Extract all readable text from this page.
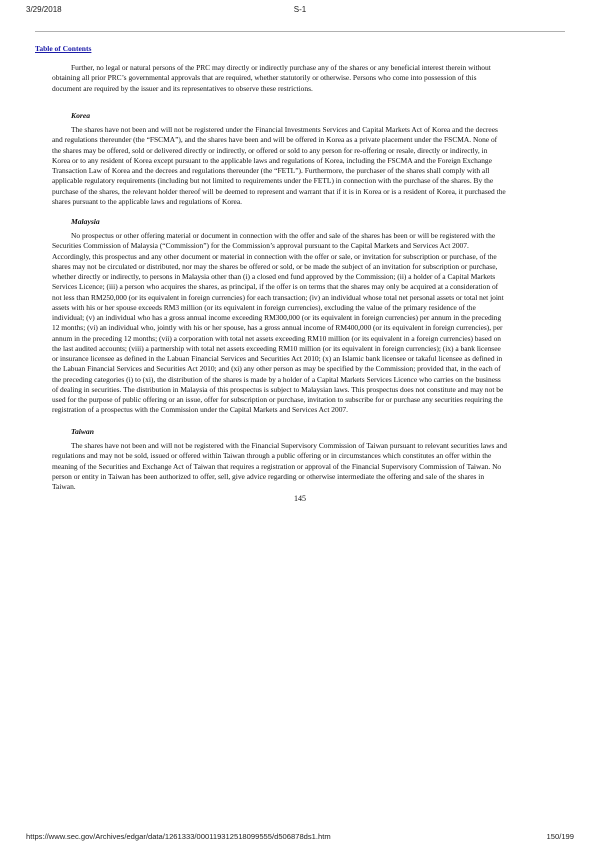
3/29/2018	S-1
Table of Contents
Further, no legal or natural persons of the PRC may directly or indirectly purchase any of the shares or any beneficial interest therein without
obtaining all prior PRC’s governmental approvals that are required, whether statutorily or otherwise. Persons who come into possession of this
document are required by the issuer and its representatives to observe these restrictions.
Korea
The shares have not been and will not be registered under the Financial Investments Services and Capital Markets Act of Korea and the decrees
and regulations thereunder (the “FSCMA”), and the shares have been and will be offered in Korea as a private placement under the FSCMA. None of
the shares may be offered, sold or delivered directly or indirectly, or offered or sold to any person for re-offering or resale, directly or indirectly, in
Korea or to any resident of Korea except pursuant to the applicable laws and regulations of Korea, including the FSCMA and the Foreign Exchange
Transaction Law of Korea and the decrees and regulations thereunder (the “FETL”). Furthermore, the purchaser of the shares shall comply with all
applicable regulatory requirements (including but not limited to requirements under the FETL) in connection with the purchase of the shares. By the
purchase of the shares, the relevant holder thereof will be deemed to represent and warrant that if it is in Korea or is a resident of Korea, it purchased the
shares pursuant to the applicable laws and regulations of Korea.
Malaysia
No prospectus or other offering material or document in connection with the offer and sale of the shares has been or will be registered with the
Securities Commission of Malaysia (“Commission”) for the Commission’s approval pursuant to the Capital Markets and Services Act 2007.
Accordingly, this prospectus and any other document or material in connection with the offer or sale, or invitation for subscription or purchase, of the
shares may not be circulated or distributed, nor may the shares be offered or sold, or be made the subject of an invitation for subscription or purchase,
whether directly or indirectly, to persons in Malaysia other than (i) a closed end fund approved by the Commission; (ii) a holder of a Capital Markets
Services Licence; (iii) a person who acquires the shares, as principal, if the offer is on terms that the shares may only be acquired at a consideration of
not less than RM250,000 (or its equivalent in foreign currencies) for each transaction; (iv) an individual whose total net personal assets or total net joint
assets with his or her spouse exceeds RM3 million (or its equivalent in foreign currencies), excluding the value of the primary residence of the
individual; (v) an individual who has a gross annual income exceeding RM300,000 (or its equivalent in foreign currencies) per annum in the preceding
12 months; (vi) an individual who, jointly with his or her spouse, has a gross annual income of RM400,000 (or its equivalent in foreign currencies), per
annum in the preceding 12 months; (vii) a corporation with total net assets exceeding RM10 million (or its equivalent in a foreign currencies) based on
the last audited accounts; (viii) a partnership with total net assets exceeding RM10 million (or its equivalent in foreign currencies); (ix) a bank licensee
or insurance licensee as defined in the Labuan Financial Services and Securities Act 2010; (x) an Islamic bank licensee or takaful licensee as defined in
the Labuan Financial Services and Securities Act 2010; and (xi) any other person as may be specified by the Commission; provided that, in the each of
the preceding categories (i) to (xi), the distribution of the shares is made by a holder of a Capital Markets Services Licence who carries on the business
of dealing in securities. The distribution in Malaysia of this prospectus is subject to Malaysian laws. This prospectus does not constitute and may not be
used for the purpose of public offering or an issue, offer for subscription or purchase, invitation to subscribe for or purchase any securities requiring the
registration of a prospectus with the Commission under the Capital Markets and Services Act 2007.
Taiwan
The shares have not been and will not be registered with the Financial Supervisory Commission of Taiwan pursuant to relevant securities laws and
regulations and may not be sold, issued or offered within Taiwan through a public offering or in circumstances which constitutes an offer within the
meaning of the Securities and Exchange Act of Taiwan that requires a registration or approval of the Financial Supervisory Commission of Taiwan. No
person or entity in Taiwan has been authorized to offer, sell, give advice regarding or otherwise intermediate the offering and sale of the shares in
Taiwan.
145
https://www.sec.gov/Archives/edgar/data/1261333/000119312518099555/d506878ds1.htm	150/199
